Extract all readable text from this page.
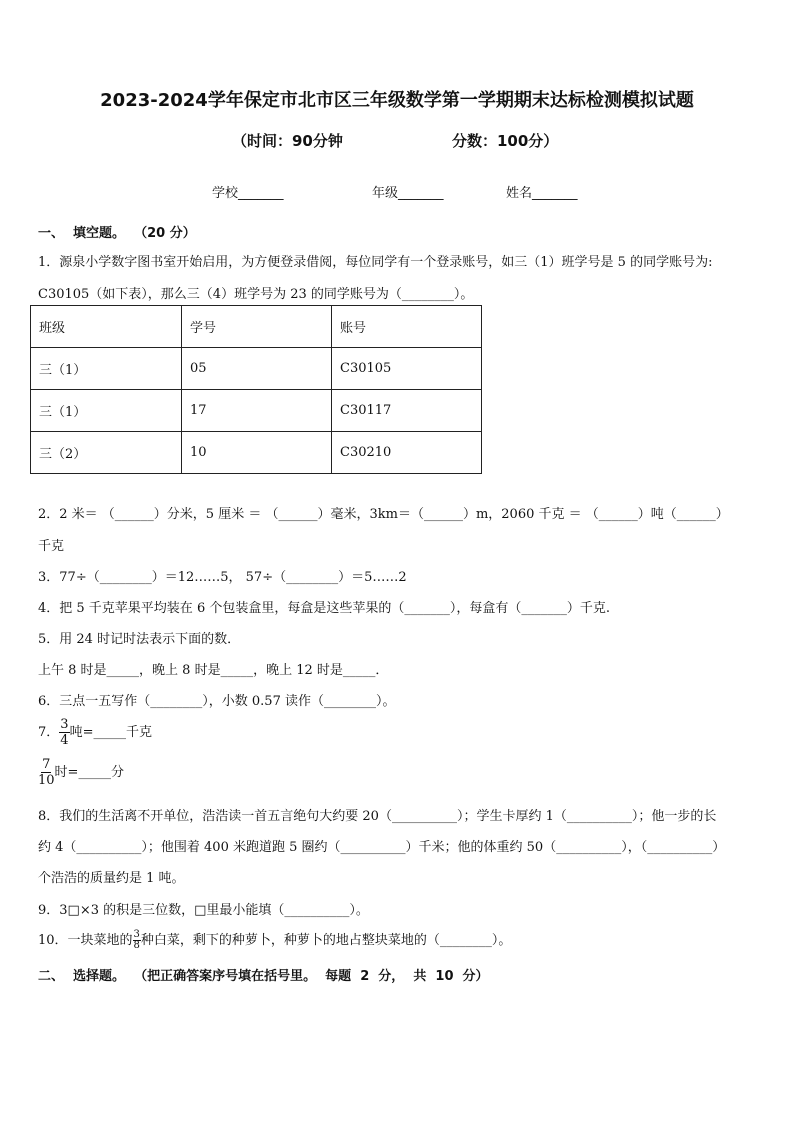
2023-2024学年保定市北市区三年级数学第一学期期末达标检测模拟试题
（时间：90分钟	分数：100分）
学校_______	年级_______	姓名_______
一、  填空题。  （20 分）
1．源泉小学数字图书室开始启用，为方便登录借阅，每位同学有一个登录账号，如三（1）班学号是 5 的同学账号为:
C30105（如下表），那么三（4）班学号为 23 的同学账号为（________）。
班级	学号	账号
三（1）	05	C30105
三（1）	17	C30117
三（2）	10	C30210
2．2 米＝ （______）分米，5 厘米 ＝ （______）毫米，3km＝（______）m，2060 千克 ＝ （______）吨（______）
千克
3．77÷（________）＝12……5， 57÷（________）＝5……2
4．把 5 千克苹果平均装在 6 个包装盒里，每盒是这些苹果的（_______），每盒有（_______）千克.
5．用 24 时记时法表示下面的数．
上午 8 时是_____，晚上 8 时是_____，晚上 12 时是_____．
6．三点一五写作（________），小数 0.57 读作（________）。
7． $\frac{3}{4}$ 吨=_____千克
$\frac{7}{10}$ 时=_____分
8．我们的生活离不开单位，浩浩读一首五言绝句大约要 20（__________）；学生卡厚约 1（__________）；他一步的长
约 4（__________）；他围着 400 米跑道跑 5 圈约（__________）千米；他的体重约 50（__________），（__________）
个浩浩的质量约是 1 吨。
9．3□×3 的积是三位数，□里最小能填（__________）。
10．一块菜地的 $\frac{3}{8}$ 种白菜，剩下的种萝卜，种萝卜的地占整块菜地的（________）。
二、  选择题。  （把正确答案序号填在括号里。  每题  2  分，  共  10  分）
